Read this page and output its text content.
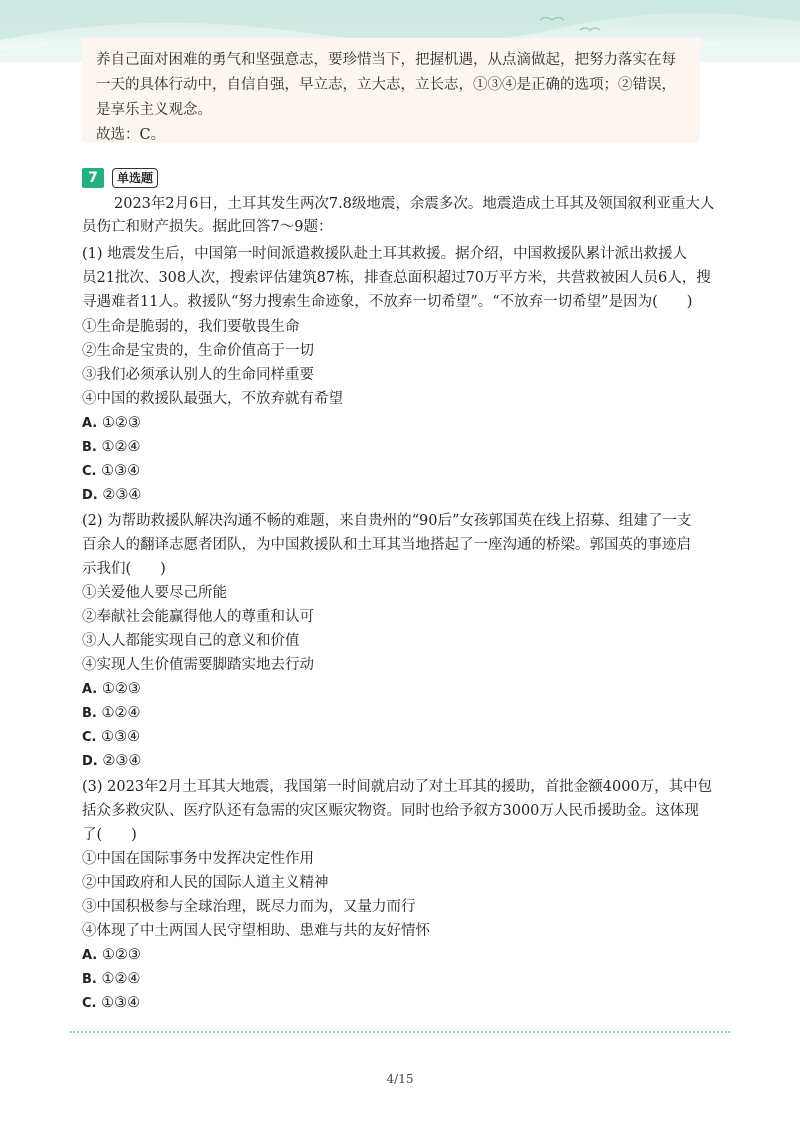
养自己面对困难的勇气和坚强意志，要珍惜当下，把握机遇，从点滴做起，把努力落实在每
一天的具体行动中，自信自强，早立志，立大志，立长志，①③④是正确的选项；②错误，
是享乐主义观念。
故选：C。
7	单选题
2023年2月6日，土耳其发生两次7.8级地震，余震多次。地震造成土耳其及领国叙利亚重大人
员伤亡和财产损失。据此回答7～9题：
(1) 地震发生后，中国第一时间派遣救援队赴土耳其救援。据介绍，中国救援队累计派出救援人
员21批次、308人次，搜索评估建筑87栋，排查总面积超过70万平方米，共营救被困人员6人，搜
寻遇难者11人。救援队“努力搜索生命迹象，不放弃一切希望”。“不放弃一切希望”是因为(　　)
①生命是脆弱的，我们要敬畏生命
②生命是宝贵的，生命价值高于一切
③我们必须承认别人的生命同样重要
④中国的救援队最强大，不放弃就有希望
A. ①②③
B. ①②④
C. ①③④
D. ②③④
(2) 为帮助救援队解决沟通不畅的难题，来自贵州的“90后”女孩郭国英在线上招募、组建了一支
百余人的翻译志愿者团队，为中国救援队和土耳其当地搭起了一座沟通的桥梁。郭国英的事迹启
示我们(　　)
①关爱他人要尽己所能
②奉献社会能赢得他人的尊重和认可
③人人都能实现自己的意义和价值
④实现人生价值需要脚踏实地去行动
A. ①②③
B. ①②④
C. ①③④
D. ②③④
(3) 2023年2月土耳其大地震，我国第一时间就启动了对土耳其的援助，首批金额4000万，其中包
括众多救灾队、医疗队还有急需的灾区赈灾物资。同时也给予叙方3000万人民币援助金。这体现
了(　　)
①中国在国际事务中发挥决定性作用
②中国政府和人民的国际人道主义精神
③中国积极参与全球治理，既尽力而为，又量力而行
④体现了中土两国人民守望相助、患难与共的友好情怀
A. ①②③
B. ①②④
C. ①③④
4/15
